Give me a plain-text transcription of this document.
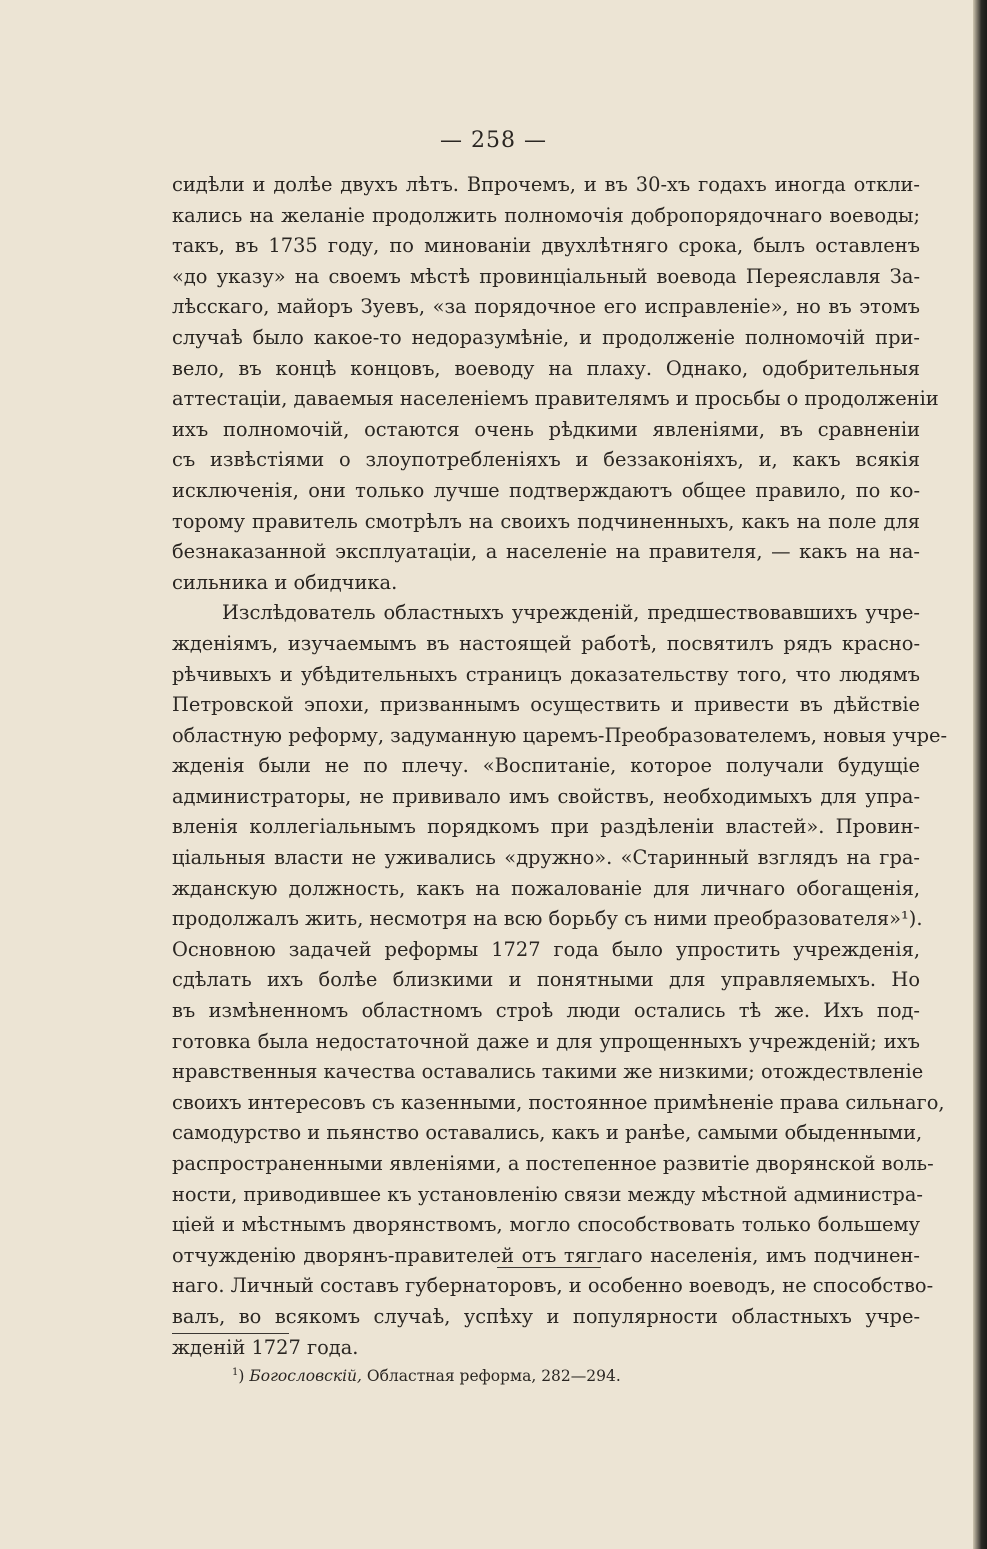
— 258 —

сидѣли и долѣе двухъ лѣтъ. Впрочемъ, и въ 30-хъ годахъ иногда откли-
кались на желаніе продолжить полномочія добропорядочнаго воеводы;
такъ, въ 1735 году, по минованіи двухлѣтняго срока, былъ оставленъ
«до указу» на своемъ мѣстѣ провинціальный воевода Переяславля За-
лѣсскаго, майоръ Зуевъ, «за порядочное его исправленіе», но въ этомъ
случаѣ было какое-то недоразумѣніе, и продолженіе полномочій при-
вело, въ концѣ концовъ, воеводу на плаху. Однако, одобрительныя
аттестаціи, даваемыя населеніемъ правителямъ и просьбы о продолженіи
ихъ полномочій, остаются очень рѣдкими явленіями, въ сравненіи
съ извѣстіями о злоупотребленіяхъ и беззаконіяхъ, и, какъ всякія
исключенія, они только лучше подтверждаютъ общее правило, по ко-
торому правитель смотрѣлъ на своихъ подчиненныхъ, какъ на поле для
безнаказанной эксплуатаціи, а населеніе на правителя, — какъ на на-
сильника и обидчика.

Изслѣдователь областныхъ учрежденій, предшествовавшихъ учре-
жденіямъ, изучаемымъ въ настоящей работѣ, посвятилъ рядъ красно-
рѣчивыхъ и убѣдительныхъ страницъ доказательству того, что людямъ
Петровской эпохи, призваннымъ осуществить и привести въ дѣйствіе
областную реформу, задуманную царемъ-Преобразователемъ, новыя учре-
жденія были не по плечу. «Воспитаніе, которое получали будущіе
администраторы, не прививало имъ свойствъ, необходимыхъ для упра-
вленія коллегіальнымъ порядкомъ при раздѣленіи властей». Провин-
ціальныя власти не уживались «дружно». «Старинный взглядъ на гра-
жданскую должность, какъ на пожалованіе для личнаго обогащенія,
продолжалъ жить, несмотря на всю борьбу съ ними преобразователя»¹).
Основною задачей реформы 1727 года было упростить учрежденія,
сдѣлать ихъ болѣе близкими и понятными для управляемыхъ. Но
въ измѣненномъ областномъ строѣ люди остались тѣ же. Ихъ под-
готовка была недостаточной даже и для упрощенныхъ учрежденій; ихъ
нравственныя качества оставались такими же низкими; отождествленіе
своихъ интересовъ съ казенными, постоянное примѣненіе права сильнаго,
самодурство и пьянство оставались, какъ и ранѣе, самыми обыденными,
распространенными явленіями, а постепенное развитіе дворянской воль-
ности, приводившее къ установленію связи между мѣстной администра-
ціей и мѣстнымъ дворянствомъ, могло способствовать только большему
отчужденію дворянъ-правителей отъ тяглаго населенія, имъ подчинен-
наго. Личный составъ губернаторовъ, и особенно воеводъ, не способство-
валъ, во всякомъ случаѣ, успѣху и популярности областныхъ учре-
жденій 1727 года.

$^1$) Богословскій, Областная реформа, 282—294.
